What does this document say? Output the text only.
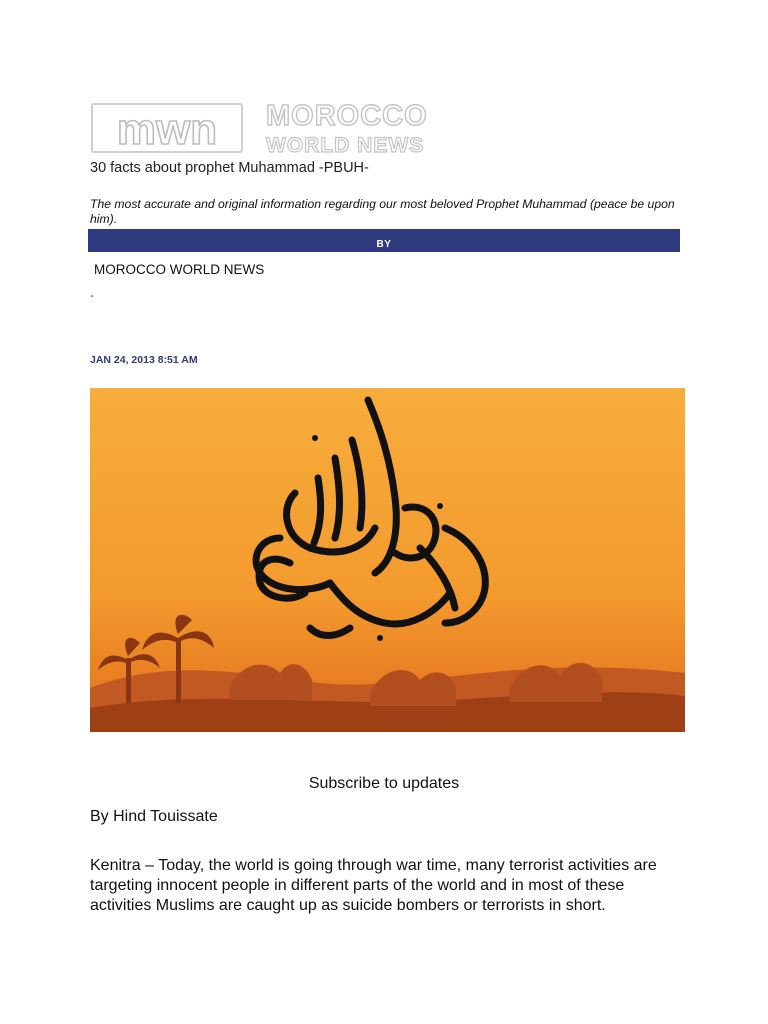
mwn MOROCCO
WORLD NEWS
30 facts about prophet Muhammad -PBUH-
The most accurate and original information regarding our most beloved Prophet Muhammad (peace be upon him).
BY
MOROCCO WORLD NEWS
-
JAN 24, 2013 8:51 AM
Subscribe to updates
By Hind Touissate
Kenitra – Today, the world is going through war time, many terrorist activities are targeting innocent people in different parts of the world and in most of these activities Muslims are caught up as suicide bombers or terrorists in short.
